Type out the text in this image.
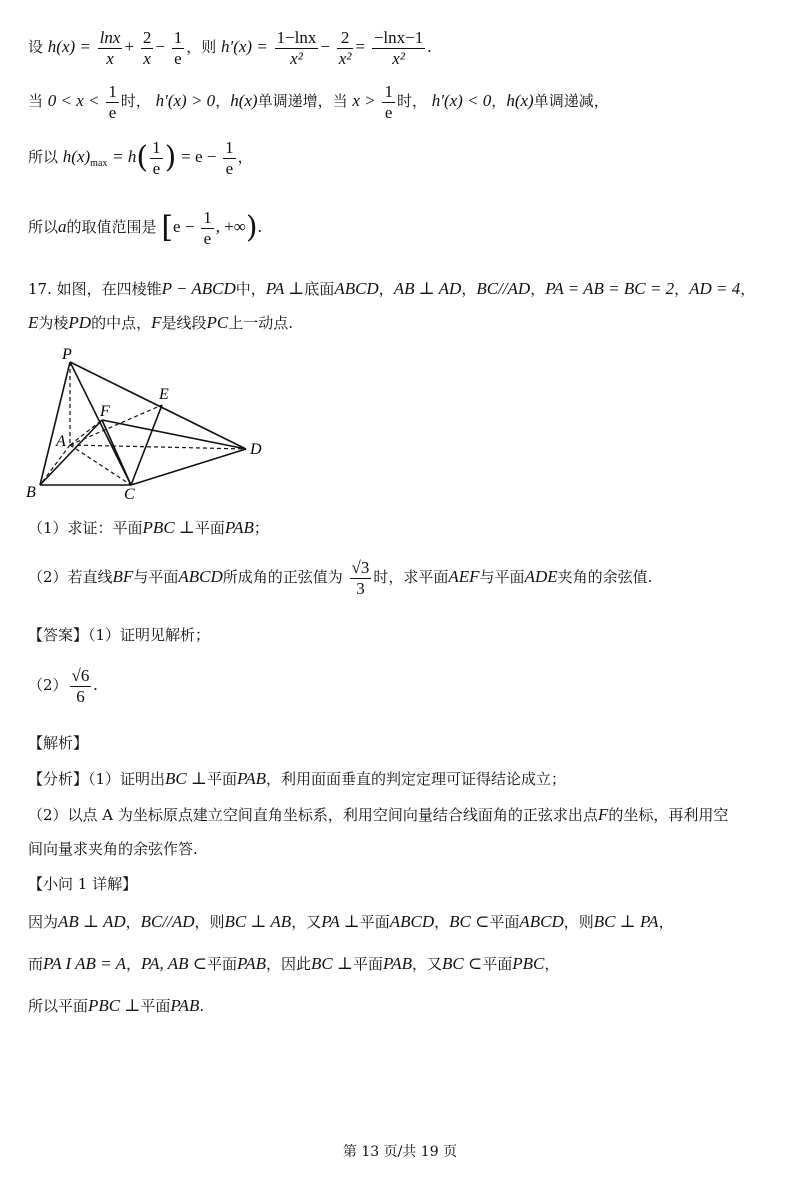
设 $h(x) = \frac{\ln x}{x} + \frac{2}{x} - \frac{1}{e}$ ，则 $h'(x) = \frac{1-\ln x}{\text{x²}} - \frac{2}{\text{x²}} = \frac{-\ln x-1}{\text{x²}}$ .
当 $0 < x < \frac{1}{e}$ 时， h′(x) > 0，h(x)单调递增，当 $x > \frac{1}{e}$ 时， h′(x) < 0，h(x)单调递减，
所以 $h(x)_{max} = h( \frac{1}{e}$ ) = $e - \frac{1}{e}$ ，
所以a的取值范围是 [$e - \frac{1}{e}$ , +∞).
17. 如图，在四棱锥P − ABCD中，PA ⊥底面ABCD，AB ⊥ AD，BC//AD，PA = AB = BC = 2，AD = 4，
E为棱PD的中点，F是线段PC上一动点.
P
E
F
A	D
B	C
（1）求证：平面PBC ⊥平面PAB；
（2）若直线BF与平面ABCD所成角的正弦值为 $\frac{√3}{3}$ 时，求平面AEF与平面ADE夹角的余弦值.
【答案】（1）证明见解析；
$(2) \frac{√6}{6}$ .
【解析】
【分析】（1）证明出BC ⊥平面PAB，利用面面垂直的判定定理可证得结论成立；
（2）以点 A 为坐标原点建立空间直角坐标系，利用空间向量结合线面角的正弦求出点F的坐标，再利用空
间向量求夹角的余弦作答.
【小问 1 详解】
因为AB ⊥ AD，BC//AD，则BC ⊥ AB，又PA ⊥平面ABCD，BC ⊂平面ABCD，则BC ⊥ PA，
而PA I AB = A，PA, AB ⊂平面PAB，因此BC ⊥平面PAB，又BC ⊂平面PBC，
所以平面PBC ⊥平面PAB.
第 13 页/共 19 页
